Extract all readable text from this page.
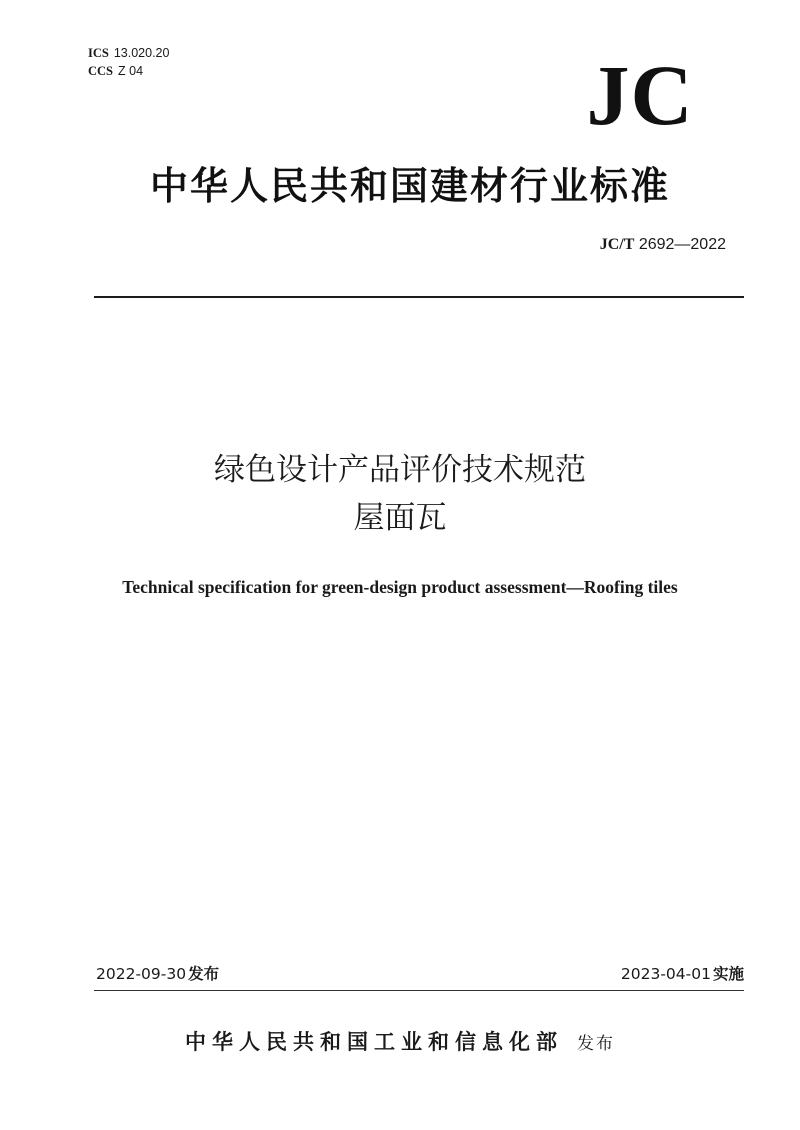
ICS 13.020.20
CCS Z 04	JC
中华人民共和国建材行业标准
JC/T 2692—2022
绿色设计产品评价技术规范
屋面瓦
Technical specification for green-design product assessment—Roofing tiles
2022-09-30 发布	2023-04-01 实施
中华人民共和国工业和信息化部 发布
